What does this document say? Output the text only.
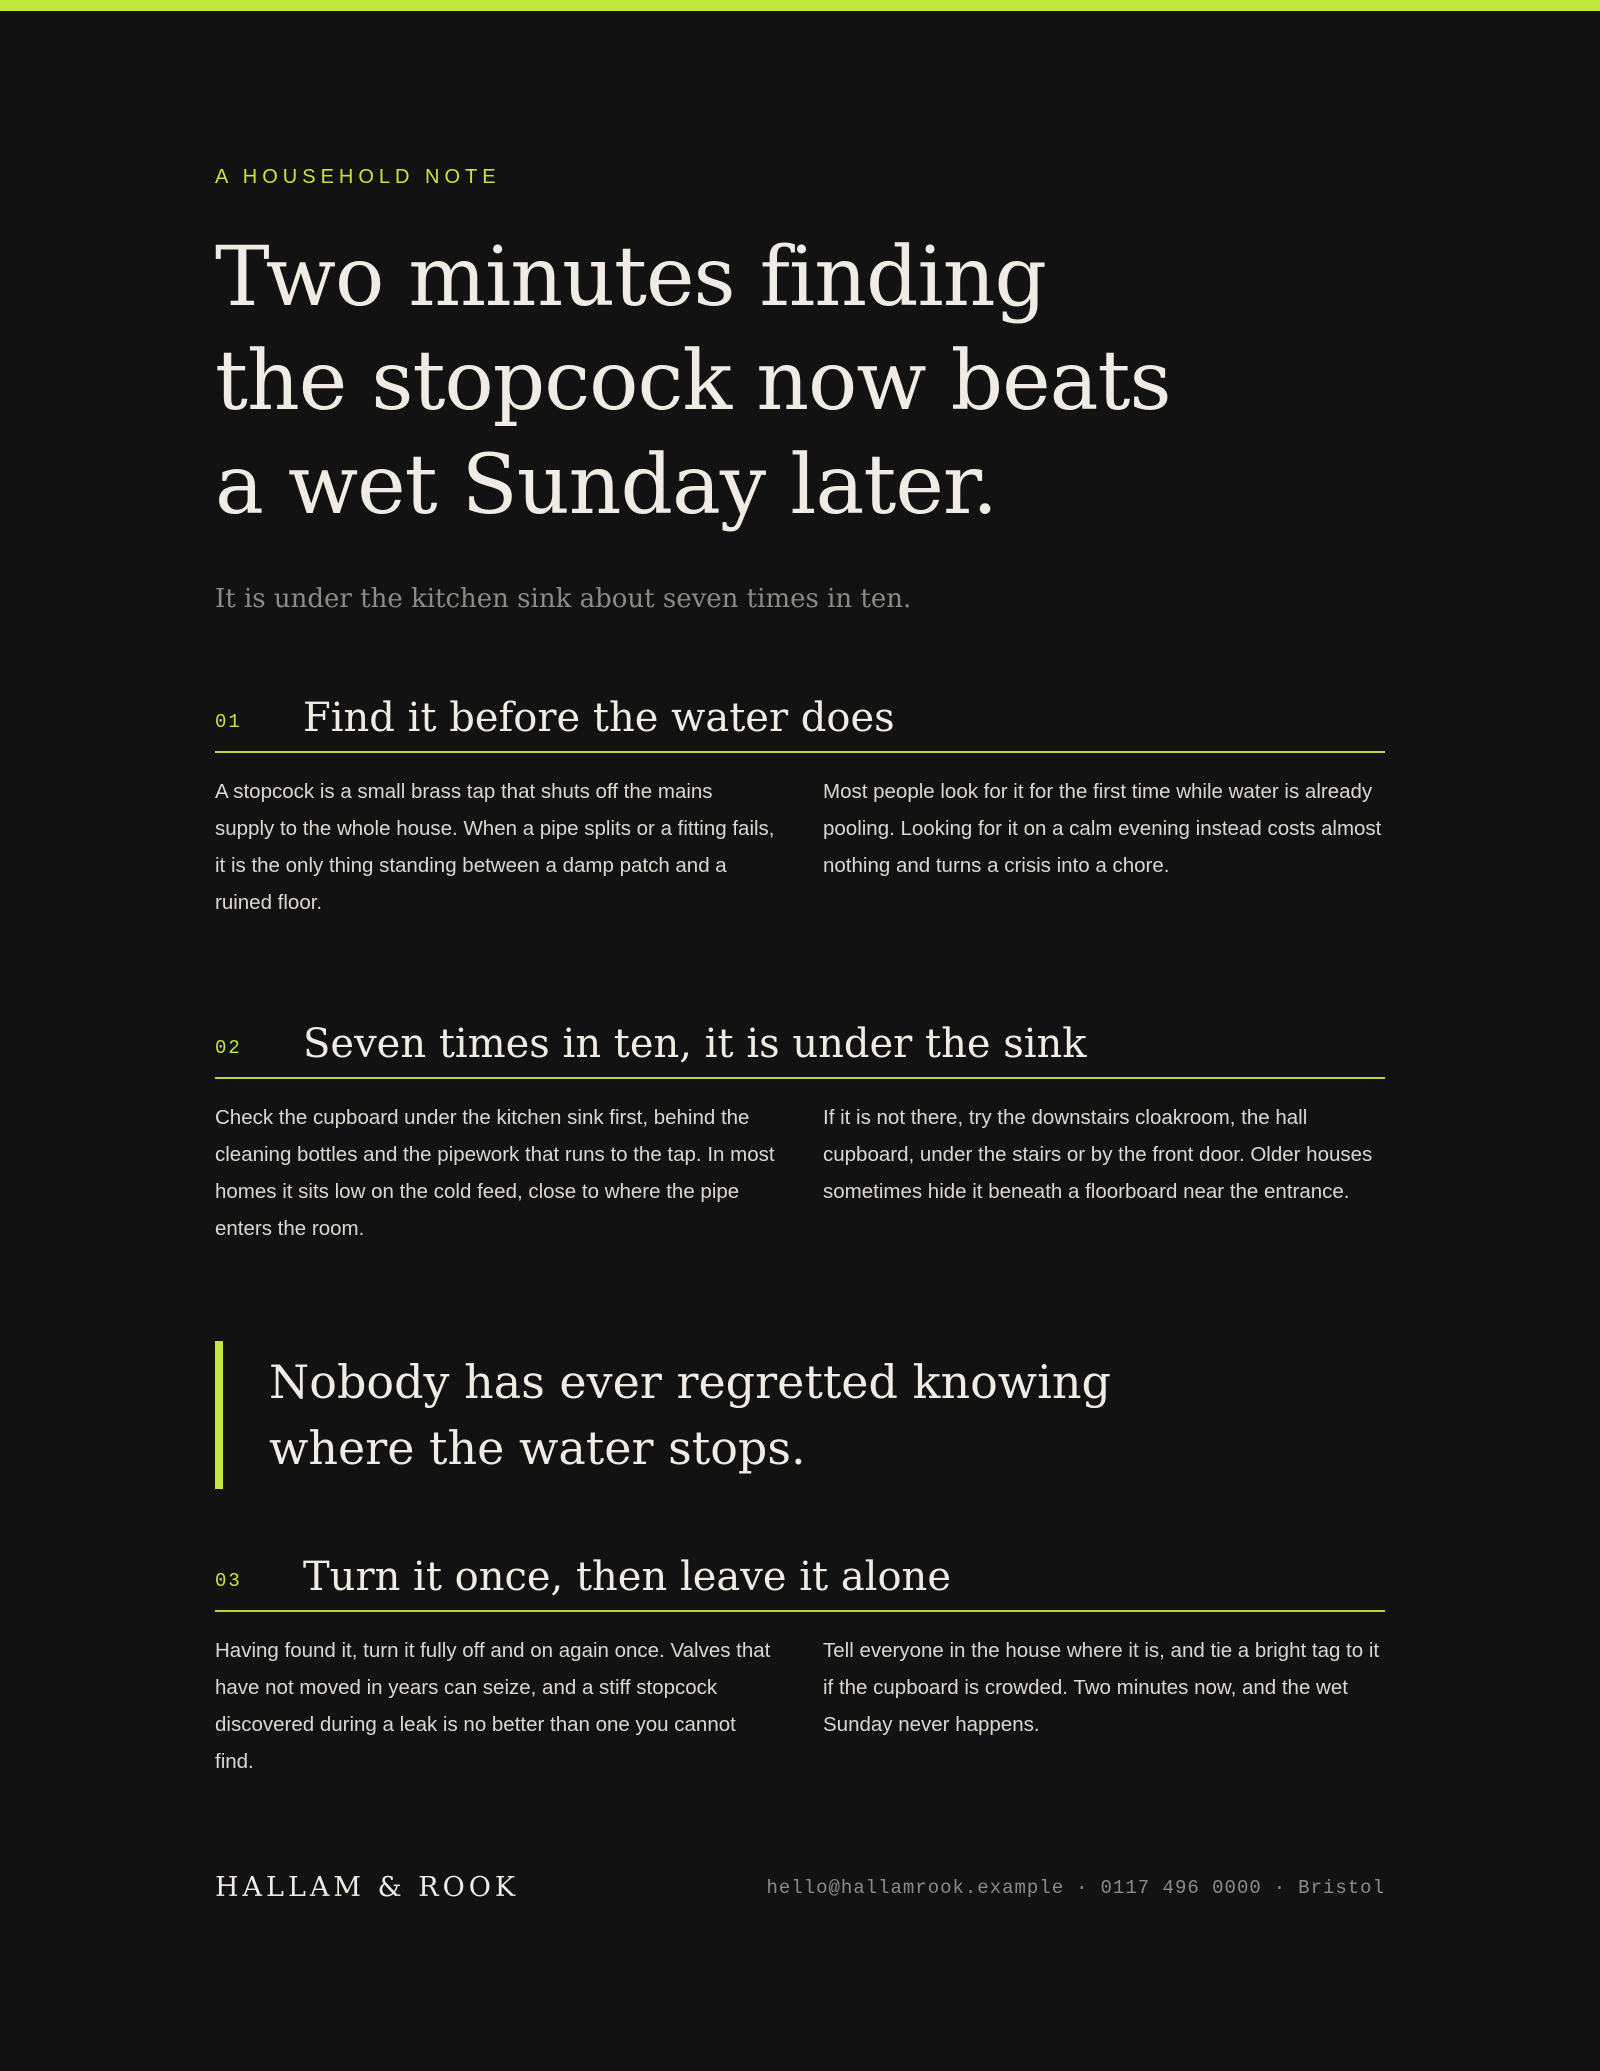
A HOUSEHOLD NOTE
Two minutes finding
the stopcock now beats
a wet Sunday later.
It is under the kitchen sink about seven times in ten.
01 Find it before the water does

A stopcock is a small brass tap that shuts off the mains supply to the whole house. When a pipe splits or a fitting fails, it is the only thing standing between a damp patch and a ruined floor.

Most people look for it for the first time while water is already pooling. Looking for it on a calm evening instead costs almost nothing and turns a crisis into a chore.

02 Seven times in ten, it is under the sink

Check the cupboard under the kitchen sink first, behind the cleaning bottles and the pipework that runs to the tap. In most homes it sits low on the cold feed, close to where the pipe enters the room.

If it is not there, try the downstairs cloakroom, the hall cupboard, under the stairs or by the front door. Older houses sometimes hide it beneath a floorboard near the entrance.

Nobody has ever regretted knowing
where the water stops.

03 Turn it once, then leave it alone

Having found it, turn it fully off and on again once. Valves that have not moved in years can seize, and a stiff stopcock discovered during a leak is no better than one you cannot find.

Tell everyone in the house where it is, and tie a bright tag to it if the cupboard is crowded. Two minutes now, and the wet Sunday never happens.

HALLAM & ROOK	hello@hallamrook.example · 0117 496 0000 · Bristol
